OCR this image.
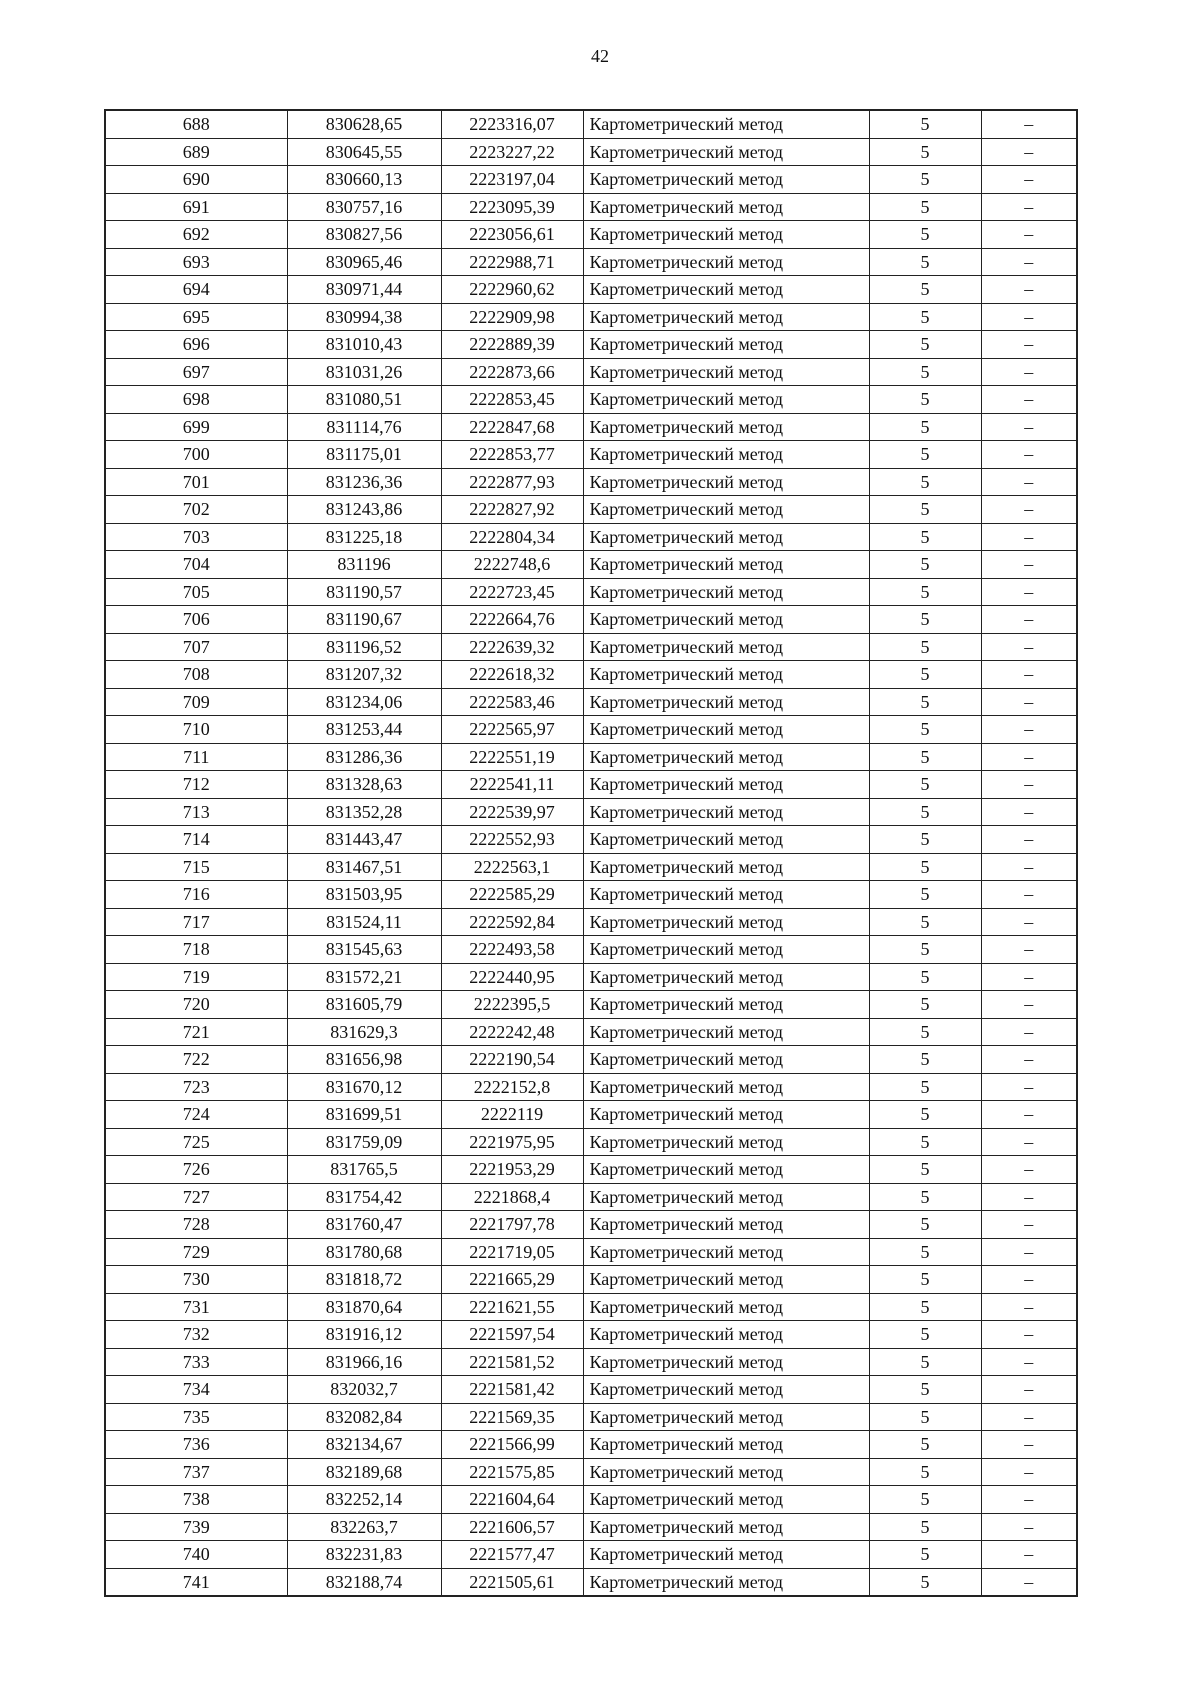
42
688	830628,65	2223316,07	Картометрический метод	5	–
689	830645,55	2223227,22	Картометрический метод	5	–
690	830660,13	2223197,04	Картометрический метод	5	–
691	830757,16	2223095,39	Картометрический метод	5	–
692	830827,56	2223056,61	Картометрический метод	5	–
693	830965,46	2222988,71	Картометрический метод	5	–
694	830971,44	2222960,62	Картометрический метод	5	–
695	830994,38	2222909,98	Картометрический метод	5	–
696	831010,43	2222889,39	Картометрический метод	5	–
697	831031,26	2222873,66	Картометрический метод	5	–
698	831080,51	2222853,45	Картометрический метод	5	–
699	831114,76	2222847,68	Картометрический метод	5	–
700	831175,01	2222853,77	Картометрический метод	5	–
701	831236,36	2222877,93	Картометрический метод	5	–
702	831243,86	2222827,92	Картометрический метод	5	–
703	831225,18	2222804,34	Картометрический метод	5	–
704	831196	2222748,6	Картометрический метод	5	–
705	831190,57	2222723,45	Картометрический метод	5	–
706	831190,67	2222664,76	Картометрический метод	5	–
707	831196,52	2222639,32	Картометрический метод	5	–
708	831207,32	2222618,32	Картометрический метод	5	–
709	831234,06	2222583,46	Картометрический метод	5	–
710	831253,44	2222565,97	Картометрический метод	5	–
711	831286,36	2222551,19	Картометрический метод	5	–
712	831328,63	2222541,11	Картометрический метод	5	–
713	831352,28	2222539,97	Картометрический метод	5	–
714	831443,47	2222552,93	Картометрический метод	5	–
715	831467,51	2222563,1	Картометрический метод	5	–
716	831503,95	2222585,29	Картометрический метод	5	–
717	831524,11	2222592,84	Картометрический метод	5	–
718	831545,63	2222493,58	Картометрический метод	5	–
719	831572,21	2222440,95	Картометрический метод	5	–
720	831605,79	2222395,5	Картометрический метод	5	–
721	831629,3	2222242,48	Картометрический метод	5	–
722	831656,98	2222190,54	Картометрический метод	5	–
723	831670,12	2222152,8	Картометрический метод	5	–
724	831699,51	2222119	Картометрический метод	5	–
725	831759,09	2221975,95	Картометрический метод	5	–
726	831765,5	2221953,29	Картометрический метод	5	–
727	831754,42	2221868,4	Картометрический метод	5	–
728	831760,47	2221797,78	Картометрический метод	5	–
729	831780,68	2221719,05	Картометрический метод	5	–
730	831818,72	2221665,29	Картометрический метод	5	–
731	831870,64	2221621,55	Картометрический метод	5	–
732	831916,12	2221597,54	Картометрический метод	5	–
733	831966,16	2221581,52	Картометрический метод	5	–
734	832032,7	2221581,42	Картометрический метод	5	–
735	832082,84	2221569,35	Картометрический метод	5	–
736	832134,67	2221566,99	Картометрический метод	5	–
737	832189,68	2221575,85	Картометрический метод	5	–
738	832252,14	2221604,64	Картометрический метод	5	–
739	832263,7	2221606,57	Картометрический метод	5	–
740	832231,83	2221577,47	Картометрический метод	5	–
741	832188,74	2221505,61	Картометрический метод	5	–
